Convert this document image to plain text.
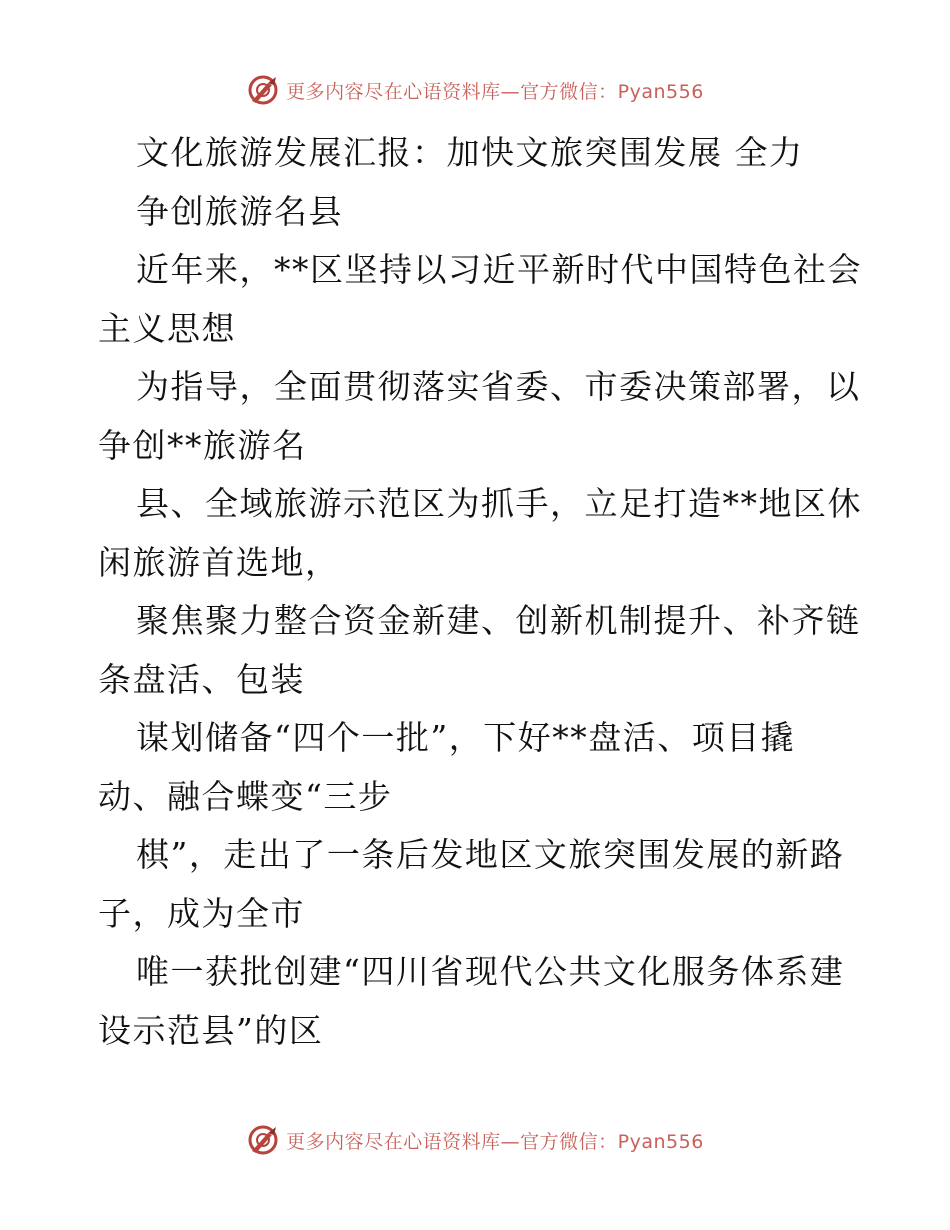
更多内容尽在心语资料库—官方微信：Pyan556
文化旅游发展汇报：加快文旅突围发展 全力
争创旅游名县
近年来，**区坚持以习近平新时代中国特色社会
主义思想
为指导，全面贯彻落实省委、市委决策部署，以
争创**旅游名
县、全域旅游示范区为抓手，立足打造**地区休
闲旅游首选地，
聚焦聚力整合资金新建、创新机制提升、补齐链
条盘活、包装
谋划储备“四个一批”，下好**盘活、项目撬
动、融合蝶变“三步
棋”，走出了一条后发地区文旅突围发展的新路
子，成为全市
唯一获批创建“四川省现代公共文化服务体系建
设示范县”的区
更多内容尽在心语资料库—官方微信：Pyan556
